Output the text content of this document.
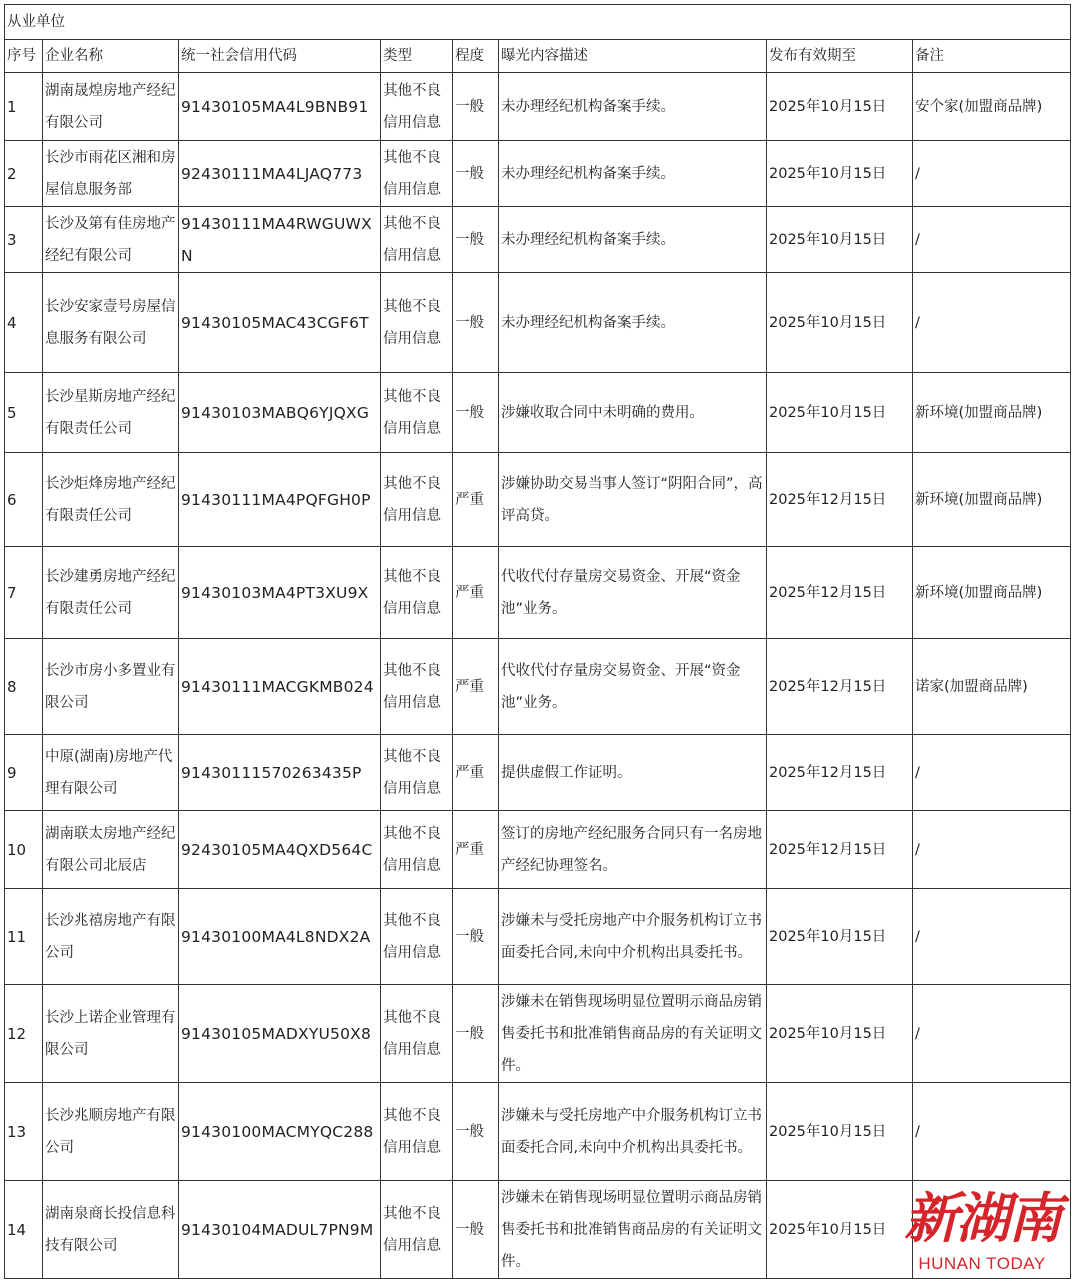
从业单位							
序号	企业名称	统一社会信用代码	类型	程度	曝光内容描述	发布有效期至	备注
1	湖南晟煌房地产经纪有限公司	91430105MA4L9BNB91	其他不良信用信息	一般	未办理经纪机构备案手续。	2025年10月15日	安个家(加盟商品牌)
2	长沙市雨花区湘和房屋信息服务部	92430111MA4LJAQ773	其他不良信用信息	一般	未办理经纪机构备案手续。	2025年10月15日	/
3	长沙及第有佳房地产经纪有限公司	91430111MA4RWGUWXN	其他不良信用信息	一般	未办理经纪机构备案手续。	2025年10月15日	/
4	长沙安家壹号房屋信息服务有限公司	91430105MAC43CGF6T	其他不良信用信息	一般	未办理经纪机构备案手续。	2025年10月15日	/
5	长沙星斯房地产经纪有限责任公司	91430103MABQ6YJQXG	其他不良信用信息	一般	涉嫌收取合同中未明确的费用。	2025年10月15日	新环境(加盟商品牌)
6	长沙炬烽房地产经纪有限责任公司	91430111MA4PQFGH0P	其他不良信用信息	严重	涉嫌协助交易当事人签订“阴阳合同”，高评高贷。	2025年12月15日	新环境(加盟商品牌)
7	长沙建勇房地产经纪有限责任公司	91430103MA4PT3XU9X	其他不良信用信息	严重	代收代付存量房交易资金、开展“资金池”业务。	2025年12月15日	新环境(加盟商品牌)
8	长沙市房小多置业有限公司	91430111MACGKMB024	其他不良信用信息	严重	代收代付存量房交易资金、开展“资金池”业务。	2025年12月15日	诺家(加盟商品牌)
9	中原(湖南)房地产代理有限公司	9143011157026343​5P	其他不良信用信息	严重	提供虚假工作证明。	2025年12月15日	/
10	湖南联太房地产经纪有限公司北辰店	92430105MA4QXD564C	其他不良信用信息	严重	签订的房地产经纪服务合同只有一名房地产经纪协理签名。	2025年12月15日	/
11	长沙兆禧房地产有限公司	91430100MA4L8NDX2A	其他不良信用信息	一般	涉嫌未与受托房地产中介服务机构订立书面委托合同,未向中介机构出具委托书。	2025年10月15日	/
12	长沙上诺企业管理有限公司	91430105MADXYU50X8	其他不良信用信息	一般	涉嫌未在销售现场明显位置明示商品房销售委托书和批准销售商品房的有关证明文件。	2025年10月15日	/
13	长沙兆顺房地产有限公司	91430100MACMYQC288	其他不良信用信息	一般	涉嫌未与受托房地产中介服务机构订立书面委托合同,未向中介机构出具委托书。	2025年10月15日	/
14	湖南泉商长投信息科技有限公司	91430104MADUL7PN9M	其他不良信用信息	一般	涉嫌未在销售现场明显位置明示商品房销售委托书和批准销售商品房的有关证明文件。	2025年10月15日	新湖南
HUNAN TODAY
